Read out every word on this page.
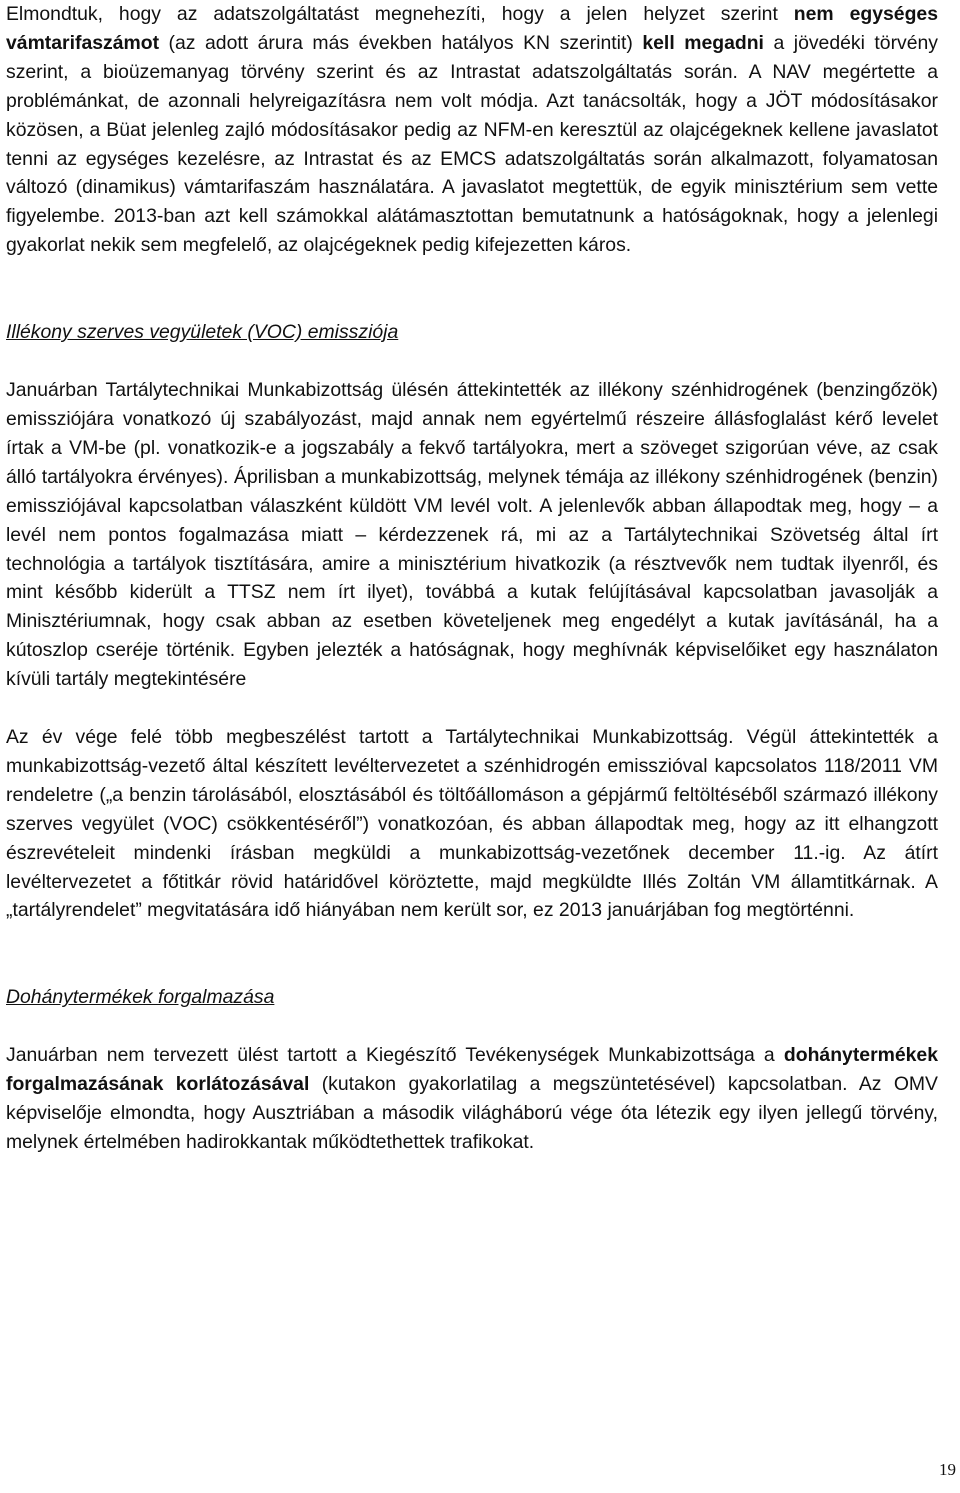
Elmondtuk, hogy az adatszolgáltatást megnehezíti, hogy a jelen helyzet szerint nem egységes vámtarifaszámot (az adott árura más években hatályos KN szerintit) kell megadni a jövedéki törvény szerint, a bioüzemanyag törvény szerint és az Intrastat adatszolgáltatás során. A NAV megértette a problémánkat, de azonnali helyreigazításra nem volt módja. Azt tanácsolták, hogy a JÖT módosításakor közösen, a Büat jelenleg zajló módosításakor pedig az NFM-en keresztül az olajcégeknek kellene javaslatot tenni az egységes kezelésre, az Intrastat és az EMCS adatszolgáltatás során alkalmazott, folyamatosan változó (dinamikus) vámtarifaszám használatára. A javaslatot megtettük, de egyik minisztérium sem vette figyelembe. 2013-ban azt kell számokkal alátámasztottan bemutatnunk a hatóságoknak, hogy a jelenlegi gyakorlat nekik sem megfelelő, az olajcégeknek pedig kifejezetten káros.

Illékony szerves vegyületek (VOC) emissziója

Januárban Tartálytechnikai Munkabizottság ülésén áttekintették az illékony szénhidrogének (benzingőzök) emissziójára vonatkozó új szabályozást, majd annak nem egyértelmű részeire állásfoglalást kérő levelet írtak a VM-be (pl. vonatkozik-e a jogszabály a fekvő tartályokra, mert a szöveget szigorúan véve, az csak álló tartályokra érvényes). Áprilisban a munkabizottság, melynek témája az illékony szénhidrogének (benzin) emissziójával kapcsolatban válaszként küldött VM levél volt. A jelenlevők abban állapodtak meg, hogy – a levél nem pontos fogalmazása miatt – kérdezzenek rá, mi az a Tartálytechnikai Szövetség által írt technológia a tartályok tisztítására, amire a minisztérium hivatkozik (a résztvevők nem tudtak ilyenről, és mint később kiderült a TTSZ nem írt ilyet), továbbá a kutak felújításával kapcsolatban javasolják a Minisztériumnak, hogy csak abban az esetben követeljenek meg engedélyt a kutak javításánál, ha a kútoszlop cseréje történik. Egyben jelezték a hatóságnak, hogy meghívnák képviselőiket egy használaton kívüli tartály megtekintésére

Az év vége felé több megbeszélést tartott a Tartálytechnikai Munkabizottság. Végül áttekintették a munkabizottság-vezető által készített levéltervezetet a szénhidrogén emisszióval kapcsolatos 118/2011 VM rendeletre („a benzin tárolásából, elosztásából és töltőállomáson a gépjármű feltöltéséből származó illékony szerves vegyület (VOC) csökkentéséről”) vonatkozóan, és abban állapodtak meg, hogy az itt elhangzott észrevételeit mindenki írásban megküldi a munkabizottság-vezetőnek december 11.-ig. Az átírt levéltervezetet a főtitkár rövid határidővel köröztette, majd megküldte Illés Zoltán VM államtitkárnak. A „tartályrendelet” megvitatására idő hiányában nem került sor, ez 2013 januárjában fog megtörténni.

Dohánytermékek forgalmazása

Januárban nem tervezett ülést tartott a Kiegészítő Tevékenységek Munkabizottsága a dohánytermékek forgalmazásának korlátozásával (kutakon gyakorlatilag a megszüntetésével) kapcsolatban. Az OMV képviselője elmondta, hogy Ausztriában a második világháború vége óta létezik egy ilyen jellegű törvény, melynek értelmében hadirokkantak működtethettek trafikokat.

19
